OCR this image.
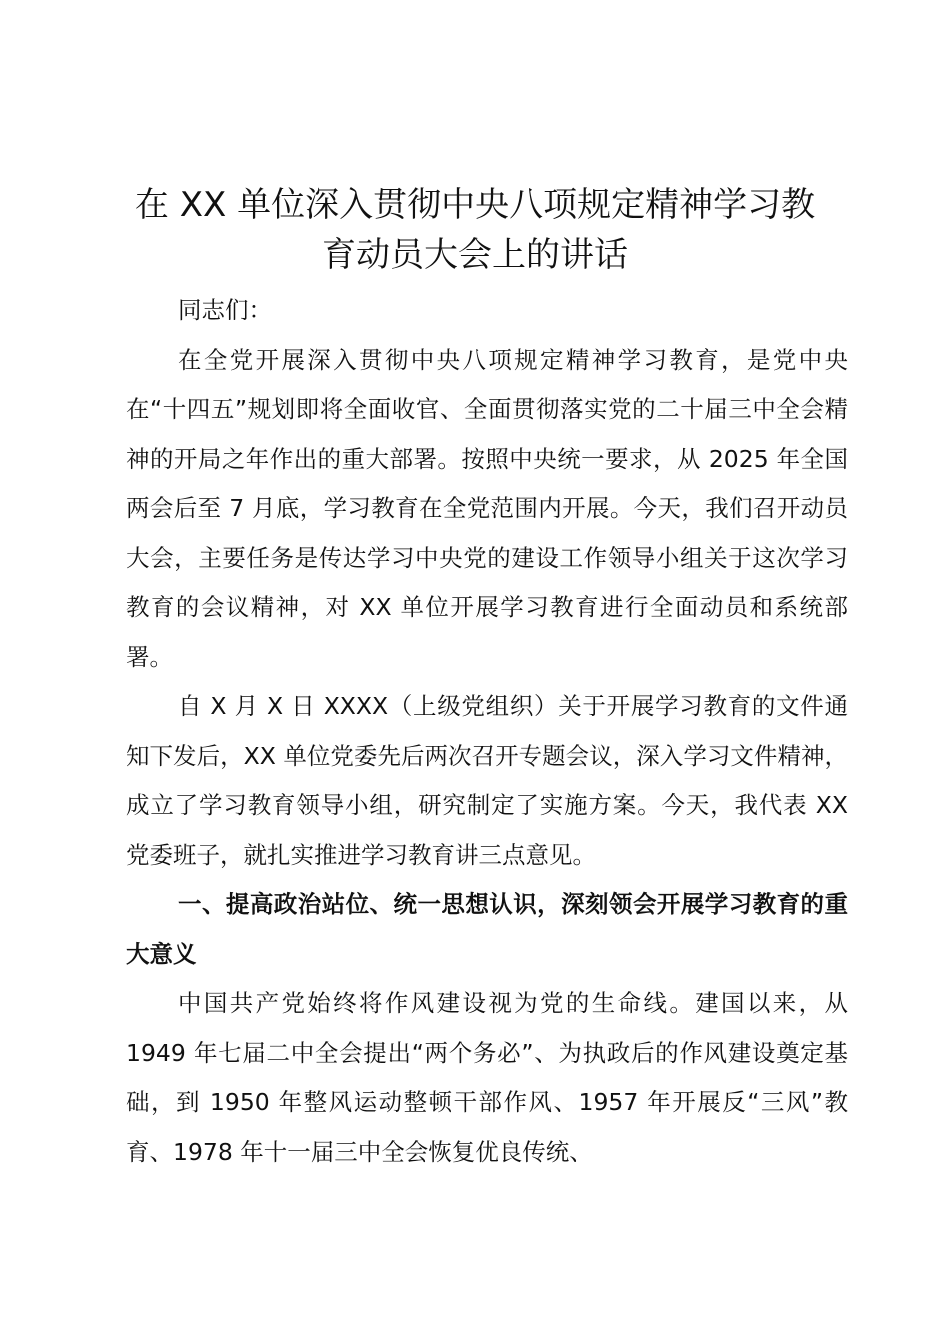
在 XX 单位深入贯彻中央八项规定精神学习教
育动员大会上的讲话

同志们：

在全党开展深入贯彻中央八项规定精神学习教育，是党中央在“十四五”规划即将全面收官、全面贯彻落实党的二十届三中全会精神的开局之年作出的重大部署。按照中央统一要求，从 2025 年全国两会后至 7 月底，学习教育在全党范围内开展。今天，我们召开动员大会，主要任务是传达学习中央党的建设工作领导小组关于这次学习教育的会议精神，对 XX 单位开展学习教育进行全面动员和系统部署。

自 X 月 X 日 XXXX（上级党组织）关于开展学习教育的文件通知下发后，XX 单位党委先后两次召开专题会议，深入学习文件精神，成立了学习教育领导小组，研究制定了实施方案。今天，我代表 XX 党委班子，就扎实推进学习教育讲三点意见。

一、提高政治站位、统一思想认识，深刻领会开展学习教育的重大意义

中国共产党始终将作风建设视为党的生命线。建国以来，从 1949 年七届二中全会提出“两个务必”、为执政后的作风建设奠定基础，到 1950 年整风运动整顿干部作风、1957 年开展反“三风”教育、1978 年十一届三中全会恢复优良传统、
